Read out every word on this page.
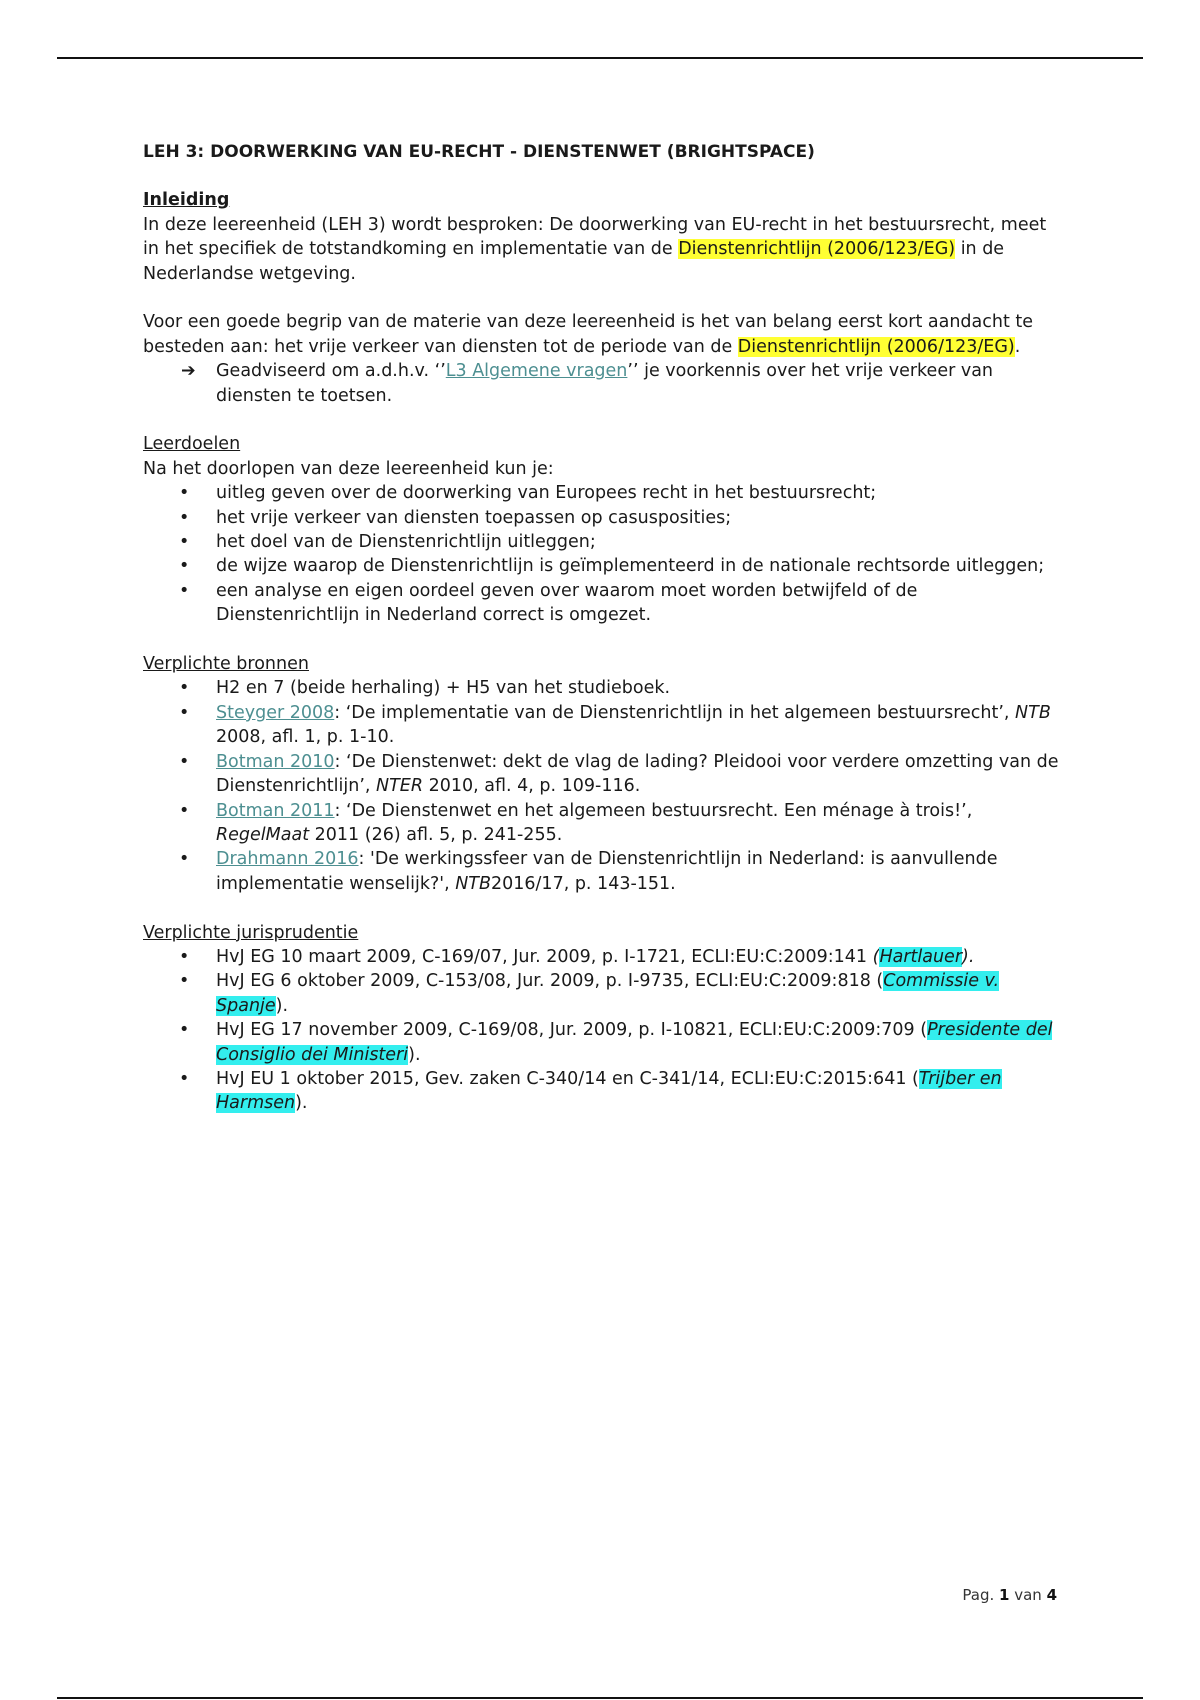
LEH 3: DOORWERKING VAN EU-RECHT - DIENSTENWET (BRIGHTSPACE)

Inleiding

In deze leereenheid (LEH 3) wordt besproken: De doorwerking van EU-recht in het bestuursrecht, meet in het specifiek de totstandkoming en implementatie van de Dienstenrichtlijn (2006/123/EG) in de Nederlandse wetgeving.

Voor een goede begrip van de materie van deze leereenheid is het van belang eerst kort aandacht te besteden aan: het vrije verkeer van diensten tot de periode van de Dienstenrichtlijn (2006/123/EG).

➔ Geadviseerd om a.d.h.v. ‘’L3 Algemene vragen’’ je voorkennis over het vrije verkeer van diensten te toetsen.

Leerdoelen

Na het doorlopen van deze leereenheid kun je:

• uitleg geven over de doorwerking van Europees recht in het bestuursrecht;
• het vrije verkeer van diensten toepassen op casusposities;
• het doel van de Dienstenrichtlijn uitleggen;
• de wijze waarop de Dienstenrichtlijn is geïmplementeerd in de nationale rechtsorde uitleggen;
• een analyse en eigen oordeel geven over waarom moet worden betwijfeld of de Dienstenrichtlijn in Nederland correct is omgezet.

Verplichte bronnen

• H2 en 7 (beide herhaling) + H5 van het studieboek.
• Steyger 2008: ‘De implementatie van de Dienstenrichtlijn in het algemeen bestuursrecht’, NTB 2008, afl. 1, p. 1-10.
• Botman 2010: ‘De Dienstenwet: dekt de vlag de lading? Pleidooi voor verdere omzetting van de Dienstenrichtlijn’, NTER 2010, afl. 4, p. 109-116.
• Botman 2011: ‘De Dienstenwet en het algemeen bestuursrecht. Een ménage à trois!’, RegelMaat 2011 (26) afl. 5, p. 241-255.
• Drahmann 2016: 'De werkingssfeer van de Dienstenrichtlijn in Nederland: is aanvullende implementatie wenselijk?', NTB2016/17, p. 143-151.

Verplichte jurisprudentie

• HvJ EG 10 maart 2009, C-169/07, Jur. 2009, p. I-1721, ECLI:EU:C:2009:141 (Hartlauer).
• HvJ EG 6 oktober 2009, C-153/08, Jur. 2009, p. I-9735, ECLI:EU:C:2009:818 (Commissie v. Spanje).
• HvJ EG 17 november 2009, C-169/08, Jur. 2009, p. I-10821, ECLI:EU:C:2009:709 (Presidente del Consiglio dei Ministeri).
• HvJ EU 1 oktober 2015, Gev. zaken C-340/14 en C-341/14, ECLI:EU:C:2015:641 (Trijber en Harmsen).
Pag. 1 van 4
